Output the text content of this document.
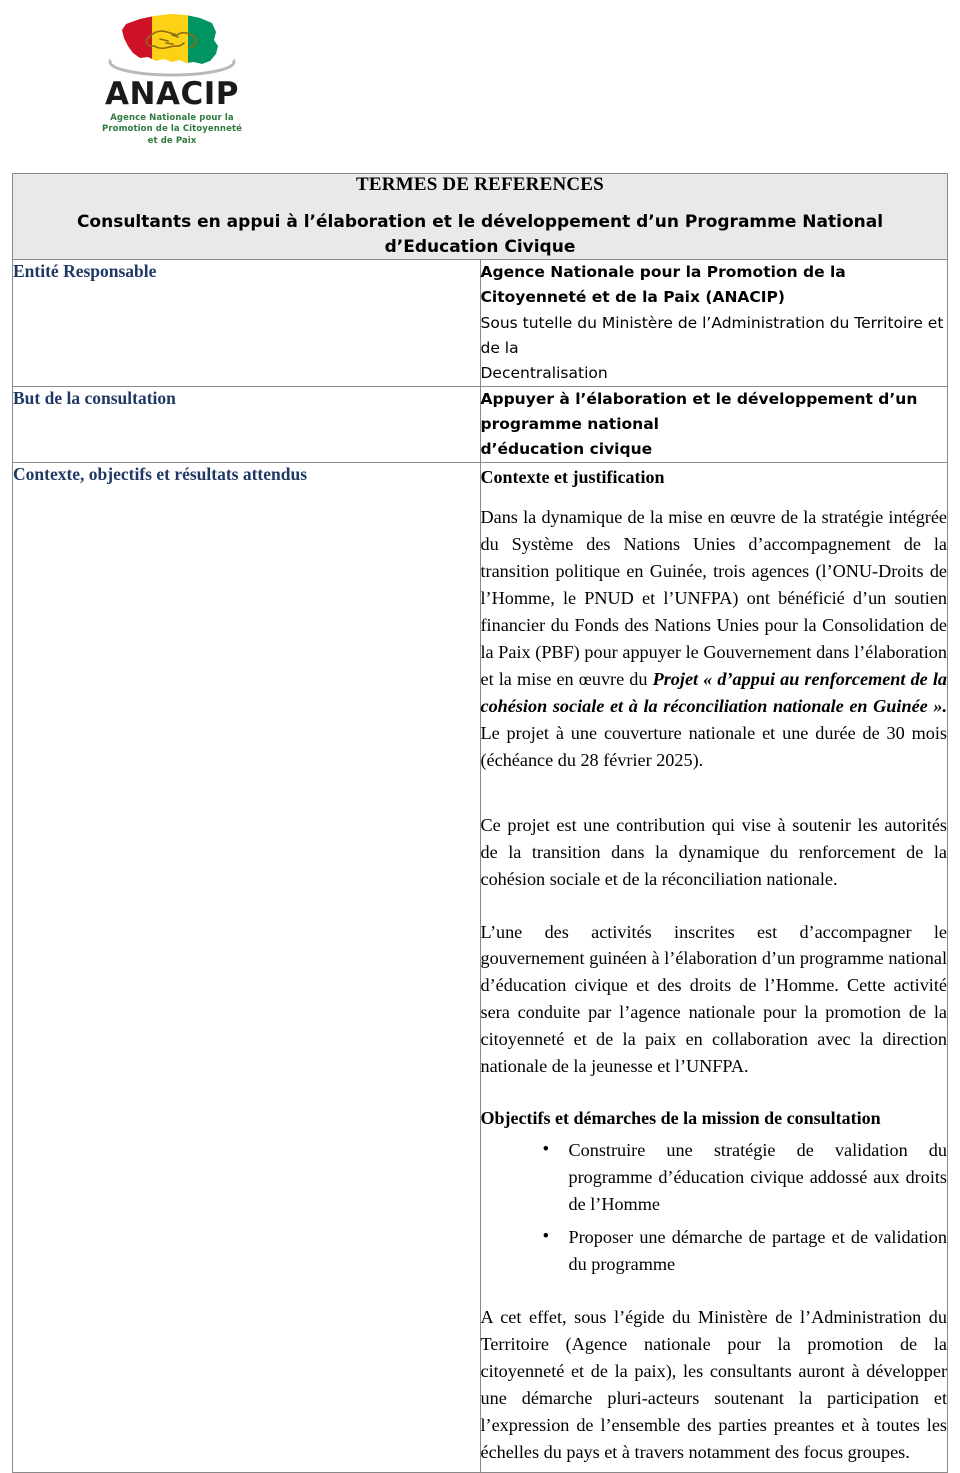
ANACIP
Agence Nationale pour la
Promotion de la Citoyenneté
et de Paix
TERMES DE REFERENCES
Consultants en appui à l’élaboration et le développement d’un Programme National d’Education Civique	

Entité Responsable	Agence Nationale pour la Promotion de la Citoyenneté et de la Paix (ANACIP)
Sous tutelle du Ministère de l’Administration du Territoire et de la
Decentralisation

But de la consultation	Appuyer à l’élaboration et le développement d’un programme national
d’éducation civique

Contexte, objectifs et résultats attendus	Contexte et justification

Dans la dynamique de la mise en œuvre de la stratégie intégrée du Système des Nations Unies d’accompagnement de la transition politique en Guinée, trois agences (l’ONU-Droits de l’Homme, le PNUD et l’UNFPA) ont bénéficié d’un soutien financier du Fonds des Nations Unies pour la Consolidation de la Paix (PBF) pour appuyer le Gouvernement dans l’élaboration et la mise en œuvre du Projet « d’appui au renforcement de la cohésion sociale et à la réconciliation nationale en Guinée ». Le projet à une couverture nationale et une durée de 30 mois (échéance du 28 février 2025).

Ce projet est une contribution qui vise à soutenir les autorités de la transition dans la dynamique du renforcement de la cohésion sociale et de la réconciliation nationale.

L’une des activités inscrites est d’accompagner le gouvernement guinéen à l’élaboration d’un programme national d’éducation civique et des droits de l’Homme. Cette activité sera conduite par l’agence nationale pour la promotion de la citoyenneté et de la paix en collaboration avec la direction nationale de la jeunesse et l’UNFPA.

Objectifs et démarches de la mission de consultation
• Construire une stratégie de validation du programme d’éducation civique addossé aux droits de l’Homme
• Proposer une démarche de partage et de validation du programme

A cet effet, sous l’égide du Ministère de l’Administration du Territoire (Agence nationale pour la promotion de la citoyenneté et de la paix), les consultants auront à développer une démarche pluri-acteurs soutenant la participation et l’expression de l’ensemble des parties preantes et à toutes les échelles du pays et à travers notamment des focus groupes.
